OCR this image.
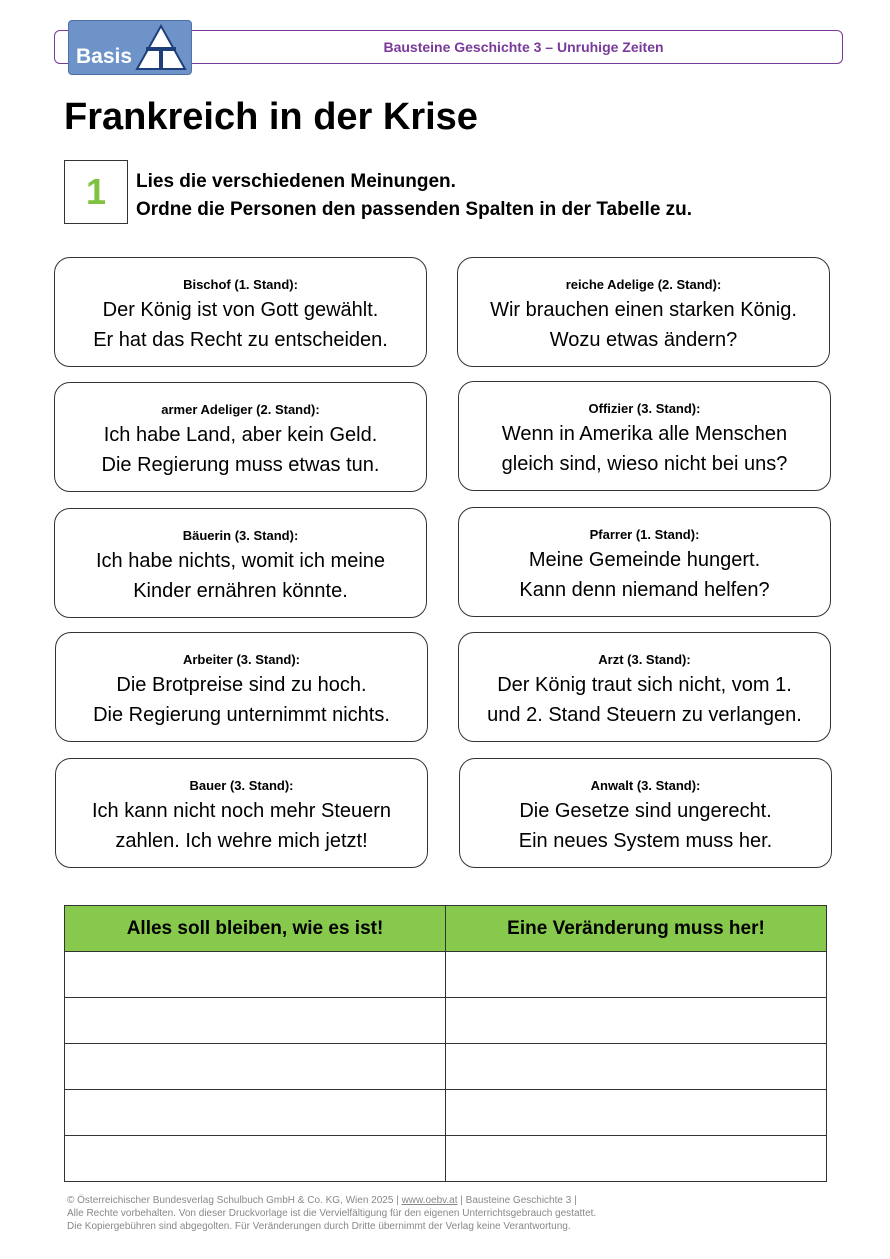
Bausteine Geschichte 3 – Unruhige Zeiten
Basis
Frankreich in der Krise
1	Lies die verschiedenen Meinungen.
Ordne die Personen den passenden Spalten in der Tabelle zu.
Bischof (1. Stand):
Der König ist von Gott gewählt.
Er hat das Recht zu entscheiden.
reiche Adelige (2. Stand):
Wir brauchen einen starken König.
Wozu etwas ändern?
armer Adeliger (2. Stand):
Ich habe Land, aber kein Geld.
Die Regierung muss etwas tun.
Offizier (3. Stand):
Wenn in Amerika alle Menschen
gleich sind, wieso nicht bei uns?
Bäuerin (3. Stand):
Ich habe nichts, womit ich meine
Kinder ernähren könnte.
Pfarrer (1. Stand):
Meine Gemeinde hungert.
Kann denn niemand helfen?
Arbeiter (3. Stand):
Die Brotpreise sind zu hoch.
Die Regierung unternimmt nichts.
Arzt (3. Stand):
Der König traut sich nicht, vom 1.
und 2. Stand Steuern zu verlangen.
Bauer (3. Stand):
Ich kann nicht noch mehr Steuern
zahlen. Ich wehre mich jetzt!
Anwalt (3. Stand):
Die Gesetze sind ungerecht.
Ein neues System muss her.
Alles soll bleiben, wie es ist!	Eine Veränderung muss her!

© Österreichischer Bundesverlag Schulbuch GmbH & Co. KG, Wien 2025 | www.oebv.at | Bausteine Geschichte 3 |
Alle Rechte vorbehalten. Von dieser Druckvorlage ist die Vervielfältigung für den eigenen Unterrichtsgebrauch gestattet.
Die Kopiergebühren sind abgegolten. Für Veränderungen durch Dritte übernimmt der Verlag keine Verantwortung.
